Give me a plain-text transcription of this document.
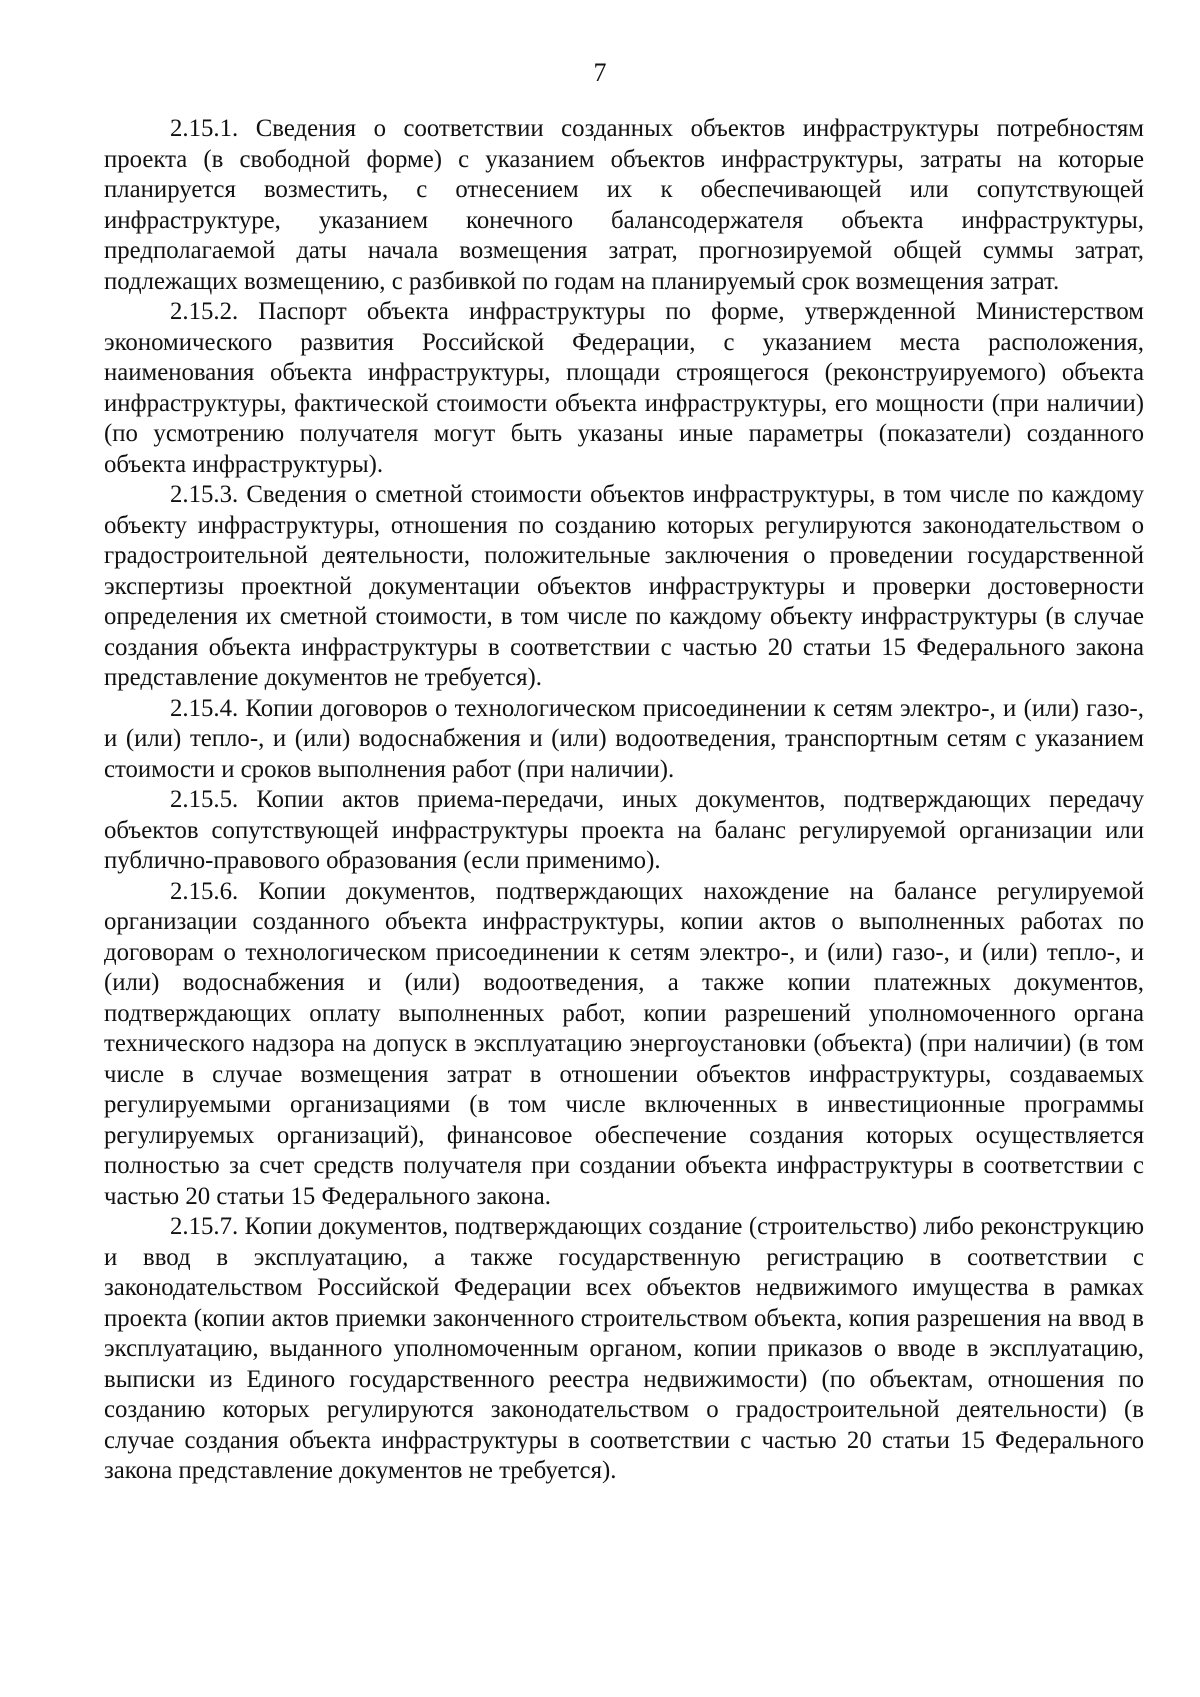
7

2.15.1. Сведения о соответствии созданных объектов инфраструктуры потребностям проекта (в свободной форме) с указанием объектов инфраструктуры, затраты на которые планируется возместить, с отнесением их к обеспечивающей или сопутствующей инфраструктуре, указанием конечного балансодержателя объекта инфраструктуры, предполагаемой даты начала возмещения затрат, прогнозируемой общей суммы затрат, подлежащих возмещению, с разбивкой по годам на планируемый срок возмещения затрат.

2.15.2. Паспорт объекта инфраструктуры по форме, утвержденной Министерством экономического развития Российской Федерации, с указанием места расположения, наименования объекта инфраструктуры, площади строящегося (реконструируемого) объекта инфраструктуры, фактической стоимости объекта инфраструктуры, его мощности (при наличии) (по усмотрению получателя могут быть указаны иные параметры (показатели) созданного объекта инфраструктуры).

2.15.3. Сведения о сметной стоимости объектов инфраструктуры, в том числе по каждому объекту инфраструктуры, отношения по созданию которых регулируются законодательством о градостроительной деятельности, положительные заключения о проведении государственной экспертизы проектной документации объектов инфраструктуры и проверки достоверности определения их сметной стоимости, в том числе по каждому объекту инфраструктуры (в случае создания объекта инфраструктуры в соответствии с частью 20 статьи 15 Федерального закона представление документов не требуется).

2.15.4. Копии договоров о технологическом присоединении к сетям электро-, и (или) газо-, и (или) тепло-, и (или) водоснабжения и (или) водоотведения, транспортным сетям с указанием стоимости и сроков выполнения работ (при наличии).

2.15.5. Копии актов приема-передачи, иных документов, подтверждающих передачу объектов сопутствующей инфраструктуры проекта на баланс регулируемой организации или публично-правового образования (если применимо).

2.15.6. Копии документов, подтверждающих нахождение на балансе регулируемой организации созданного объекта инфраструктуры, копии актов о выполненных работах по договорам о технологическом присоединении к сетям электро-, и (или) газо-, и (или) тепло-, и (или) водоснабжения и (или) водоотведения, а также копии платежных документов, подтверждающих оплату выполненных работ, копии разрешений уполномоченного органа технического надзора на допуск в эксплуатацию энергоустановки (объекта) (при наличии) (в том числе в случае возмещения затрат в отношении объектов инфраструктуры, создаваемых регулируемыми организациями (в том числе включенных в инвестиционные программы регулируемых организаций), финансовое обеспечение создания которых осуществляется полностью за счет средств получателя при создании объекта инфраструктуры в соответствии с частью 20 статьи 15 Федерального закона.

2.15.7. Копии документов, подтверждающих создание (строительство) либо реконструкцию и ввод в эксплуатацию, а также государственную регистрацию в соответствии с законодательством Российской Федерации всех объектов недвижимого имущества в рамках проекта (копии актов приемки законченного строительством объекта, копия разрешения на ввод в эксплуатацию, выданного уполномоченным органом, копии приказов о вводе в эксплуатацию, выписки из Единого государственного реестра недвижимости) (по объектам, отношения по созданию которых регулируются законодательством о градостроительной деятельности) (в случае создания объекта инфраструктуры в соответствии с частью 20 статьи 15 Федерального закона представление документов не требуется).
